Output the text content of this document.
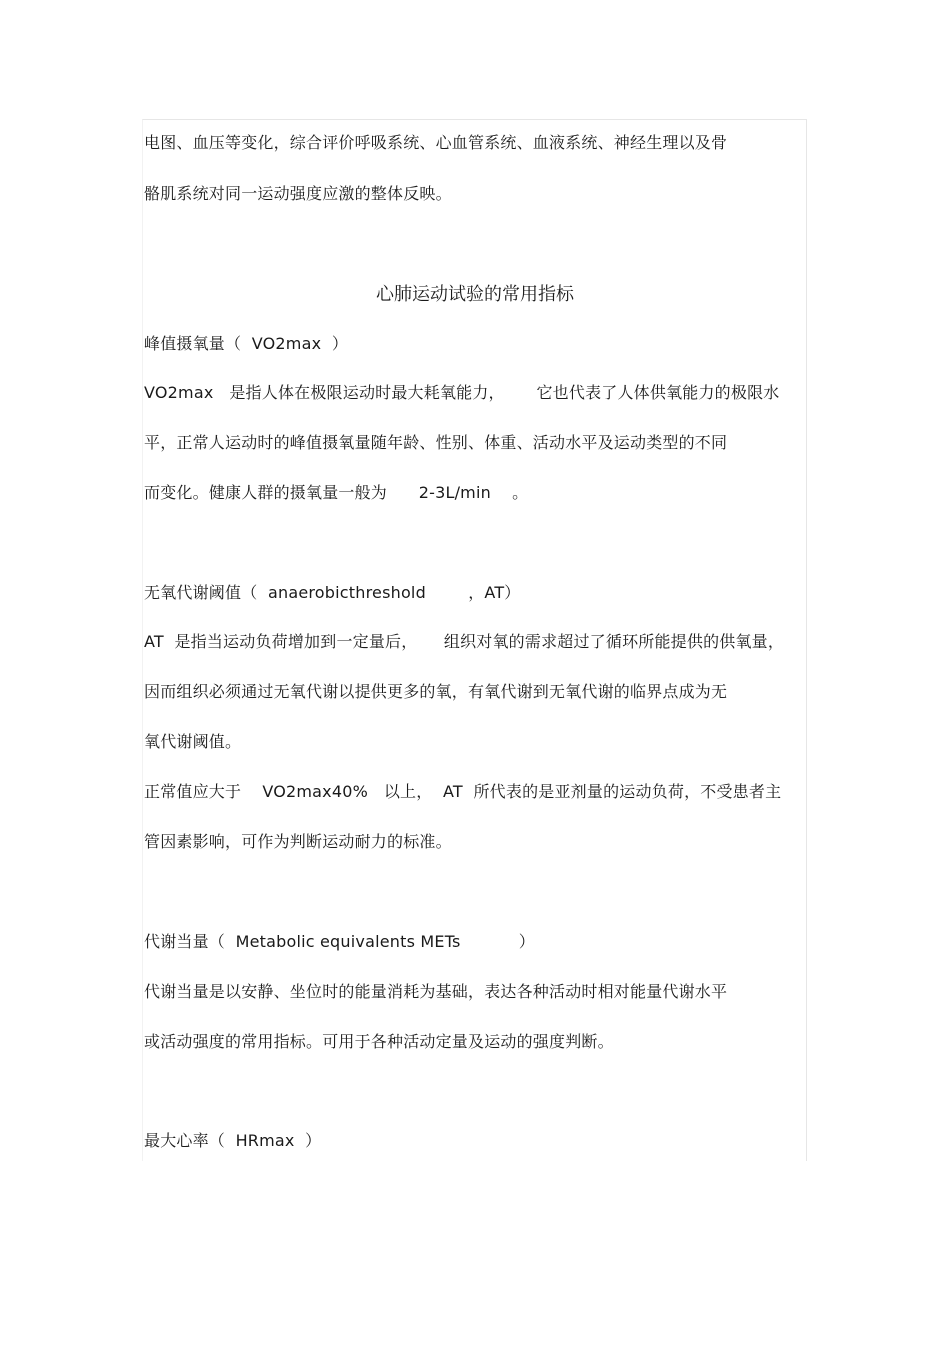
电图、血压等变化，综合评价呼吸系统、心血管系统、血液系统、神经生理以及骨
骼肌系统对同一运动强度应激的整体反映。
心肺运动试验的常用指标
峰值摄氧量（  VO2max  ）
VO2max   是指人体在极限运动时最大耗氧能力，      它也代表了人体供氧能力的极限水
平，正常人运动时的峰值摄氧量随年龄、性别、体重、活动水平及运动类型的不同
而变化。健康人群的摄氧量一般为      2-3L/min    。
无氧代谢阈值（  anaerobicthreshold        ，AT）
AT  是指当运动负荷增加到一定量后，     组织对氧的需求超过了循环所能提供的供氧量，
因而组织必须通过无氧代谢以提供更多的氧，有氧代谢到无氧代谢的临界点成为无
氧代谢阈值。
正常值应大于    VO2max40%   以上，  AT  所代表的是亚剂量的运动负荷，不受患者主
管因素影响，可作为判断运动耐力的标准。
代谢当量（  Metabolic equivalents METs           ）
代谢当量是以安静、坐位时的能量消耗为基础，表达各种活动时相对能量代谢水平
或活动强度的常用指标。可用于各种活动定量及运动的强度判断。
最大心率（  HRmax  ）
